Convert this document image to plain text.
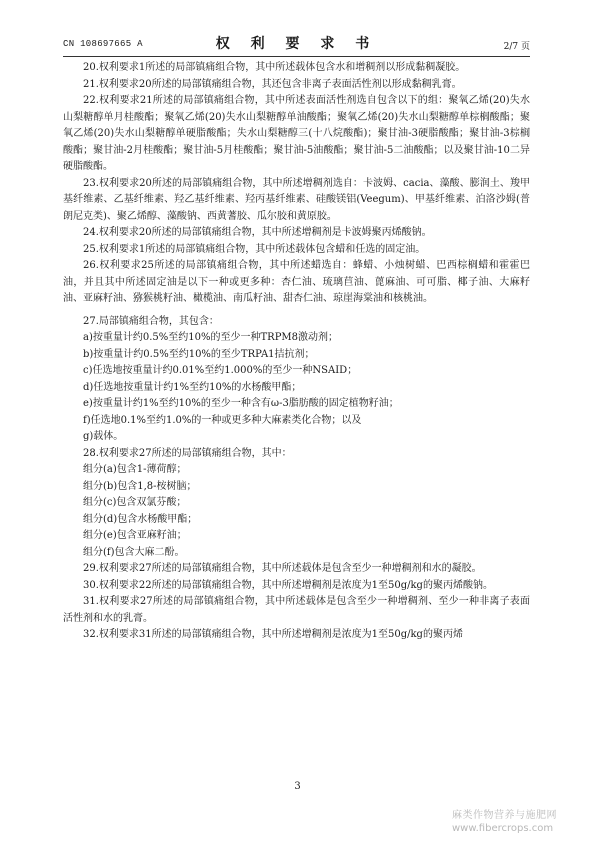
CN 108697665 A	权 利 要 求 书	2/7 页

20.权利要求1所述的局部镇痛组合物，其中所述载体包含水和增稠剂以形成黏稠凝胶。

21.权利要求20所述的局部镇痛组合物，其还包含非离子表面活性剂以形成黏稠乳膏。

22.权利要求21所述的局部镇痛组合物，其中所述表面活性剂选自包含以下的组：聚氧乙烯(20)失水山梨糖醇单月桂酸酯；聚氧乙烯(20)失水山梨糖醇单油酸酯；聚氧乙烯(20)失水山梨糖醇单棕榈酸酯；聚氧乙烯(20)失水山梨糖醇单硬脂酸酯；失水山梨糖醇三(十八烷酸酯)；聚甘油-3硬脂酸酯；聚甘油-3棕榈酸酯；聚甘油-2月桂酸酯；聚甘油-5月桂酸酯；聚甘油-5油酸酯；聚甘油-5二油酸酯；以及聚甘油-10二异硬脂酸酯。

23.权利要求20所述的局部镇痛组合物，其中所述增稠剂选自：卡波姆、cacia、藻酸、膨润土、羧甲基纤维素、乙基纤维素、羟乙基纤维素、羟丙基纤维素、硅酸镁铝(Veegum)、甲基纤维素、泊洛沙姆(普朗尼克类)、聚乙烯醇、藻酸钠、西黄蓍胶、瓜尔胶和黄原胶。

24.权利要求20所述的局部镇痛组合物，其中所述增稠剂是卡波姆聚丙烯酸钠。

25.权利要求1所述的局部镇痛组合物，其中所述载体包含蜡和任选的固定油。

26.权利要求25所述的局部镇痛组合物，其中所述蜡选自：蜂蜡、小烛树蜡、巴西棕榈蜡和霍霍巴油，并且其中所述固定油是以下一种或更多种：杏仁油、琉璃苣油、蓖麻油、可可脂、椰子油、大麻籽油、亚麻籽油、猕猴桃籽油、橄榄油、南瓜籽油、甜杏仁油、琼崖海棠油和核桃油。

27.局部镇痛组合物，其包含：

a)按重量计约0.5%至约10%的至少一种TRPM8激动剂；

b)按重量计约0.5%至约10%的至少TRPA1拮抗剂；

c)任选地按重量计约0.01%至约1.000%的至少一种NSAID；

d)任选地按重量计约1%至约10%的水杨酸甲酯；

e)按重量计约1%至约10%的至少一种含有ω-3脂肪酸的固定植物籽油；

f)任选地0.1%至约1.0%的一种或更多种大麻素类化合物；以及

g)载体。

28.权利要求27所述的局部镇痛组合物，其中：

组分(a)包含1-薄荷醇；

组分(b)包含1,8-桉树脑；

组分(c)包含双氯芬酸；

组分(d)包含水杨酸甲酯；

组分(e)包含亚麻籽油；

组分(f)包含大麻二酚。

29.权利要求27所述的局部镇痛组合物，其中所述载体是包含至少一种增稠剂和水的凝胶。

30.权利要求22所述的局部镇痛组合物，其中所述增稠剂是浓度为1至50g/kg的聚丙烯酸钠。

31.权利要求27所述的局部镇痛组合物，其中所述载体是包含至少一种增稠剂、至少一种非离子表面活性剂和水的乳膏。

32.权利要求31所述的局部镇痛组合物，其中所述增稠剂是浓度为1至50g/kg的聚丙烯

3
麻类作物营养与施肥网
www.fibercrops.com
